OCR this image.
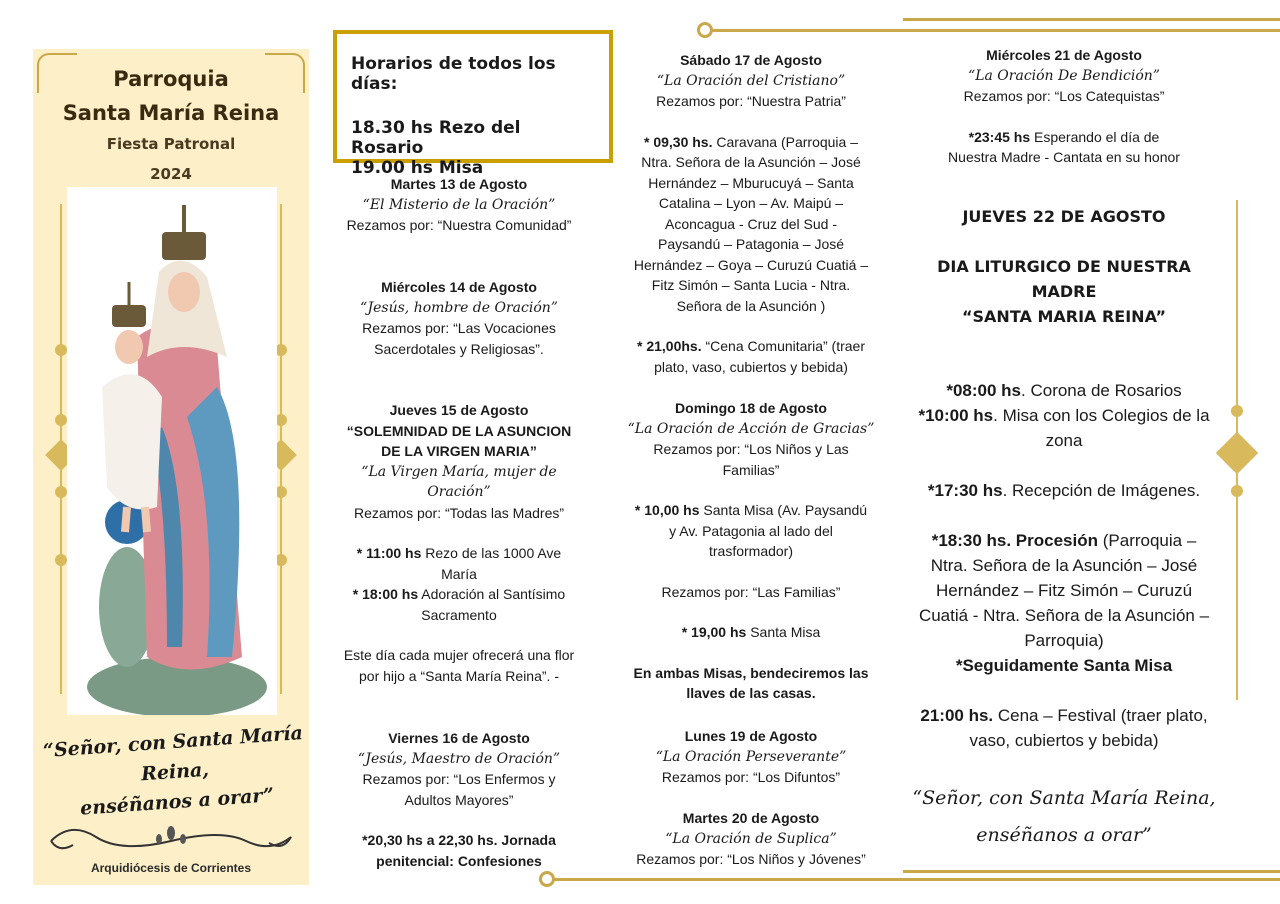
Parroquia
Santa María Reina
Fiesta Patronal
2024
“Señor, con Santa María Reina,
enséñanos a orar”
Arquidiócesis de Corrientes
Horarios de todos los días:
18.30 hs Rezo del Rosario
19.00 hs Misa
Martes 13 de Agosto
“El Misterio de la Oración”
Rezamos por: “Nuestra Comunidad”
Miércoles 14 de Agosto
“Jesús, hombre de Oración”
Rezamos por: “Las Vocaciones
Sacerdotales y Religiosas”.
Jueves 15 de Agosto
“SOLEMNIDAD DE LA ASUNCION
DE LA VIRGEN MARIA”
“La Virgen María, mujer de
Oración”
Rezamos por: “Todas las Madres”
* 11:00 hs Rezo de las 1000 Ave
María
* 18:00 hs Adoración al Santísimo
Sacramento
Este día cada mujer ofrecerá una flor
por hijo a “Santa María Reina”. -
Viernes 16 de Agosto
“Jesús, Maestro de Oración”
Rezamos por: “Los Enfermos y
Adultos Mayores”
*20,30 hs a 22,30 hs. Jornada
penitencial: Confesiones
Sábado 17 de Agosto
“La Oración del Cristiano”
Rezamos por: “Nuestra Patria”
* 09,30 hs. Caravana (Parroquia –
Ntra. Señora de la Asunción – José
Hernández – Mburucuyá – Santa
Catalina – Lyon – Av. Maipú –
Aconcagua - Cruz del Sud -
Paysandú – Patagonia – José
Hernández – Goya – Curuzú Cuatiá –
Fitz Simón – Santa Lucia - Ntra.
Señora de la Asunción )
* 21,00hs. “Cena Comunitaria” (traer
plato, vaso, cubiertos y bebida)
Domingo 18 de Agosto
“La Oración de Acción de Gracias”
Rezamos por: “Los Niños y Las
Familias”
* 10,00 hs Santa Misa (Av. Paysandú
y Av. Patagonia al lado del
trasformador)
Rezamos por: “Las Familias”
* 19,00 hs Santa Misa
En ambas Misas, bendeciremos las
llaves de las casas.
Lunes 19 de Agosto
“La Oración Perseverante”
Rezamos por: “Los Difuntos”
Martes 20 de Agosto
“La Oración de Suplica”
Rezamos por: “Los Niños y Jóvenes”
Miércoles 21 de Agosto
“La Oración De Bendición”
Rezamos por: “Los Catequistas”
*23:45 hs Esperando el día de
Nuestra Madre - Cantata en su honor
JUEVES 22 DE AGOSTO
DIA LITURGICO DE NUESTRA
MADRE
“SANTA MARIA REINA”
*08:00 hs. Corona de Rosarios
*10:00 hs. Misa con los Colegios de la
zona
*17:30 hs. Recepción de Imágenes.
*18:30 hs. Procesión (Parroquia –
Ntra. Señora de la Asunción – José
Hernández – Fitz Simón – Curuzú
Cuatiá - Ntra. Señora de la Asunción –
Parroquia)
*Seguidamente Santa Misa
21:00 hs. Cena – Festival (traer plato,
vaso, cubiertos y bebida)
“Señor, con Santa María Reina,
enséñanos a orar”
